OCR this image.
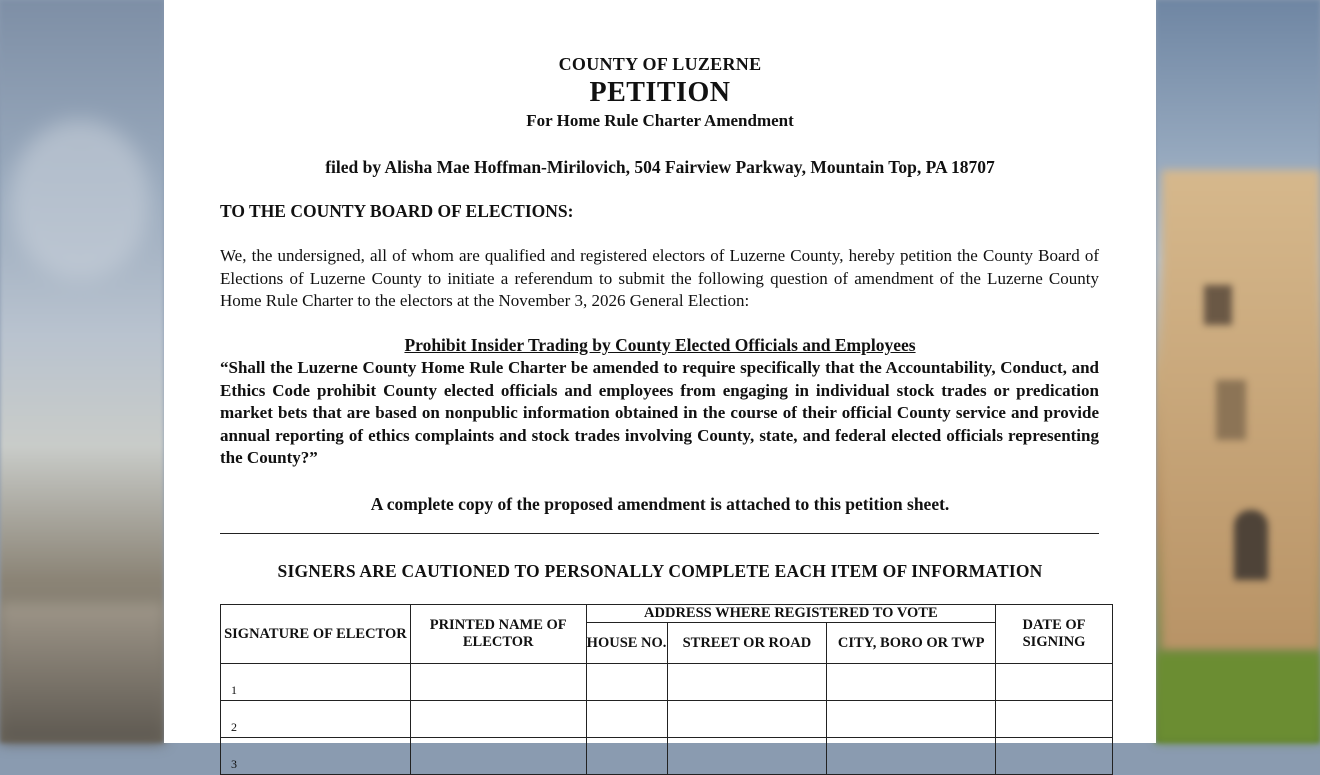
COUNTY OF LUZERNE
PETITION
For Home Rule Charter Amendment
filed by Alisha Mae Hoffman-Mirilovich, 504 Fairview Parkway, Mountain Top, PA 18707
TO THE COUNTY BOARD OF ELECTIONS:
We, the undersigned, all of whom are qualified and registered electors of Luzerne County, hereby petition the County Board of Elections of Luzerne County to initiate a referendum to submit the following question of amendment of the Luzerne County Home Rule Charter to the electors at the November 3, 2026 General Election:
Prohibit Insider Trading by County Elected Officials and Employees
“Shall the Luzerne County Home Rule Charter be amended to require specifically that the Accountability, Conduct, and Ethics Code prohibit County elected officials and employees from engaging in individual stock trades or predication market bets that are based on nonpublic information obtained in the course of their official County service and provide annual reporting of ethics complaints and stock trades involving County, state, and federal elected officials representing the County?”
A complete copy of the proposed amendment is attached to this petition sheet.
SIGNERS ARE CAUTIONED TO PERSONALLY COMPLETE EACH ITEM OF INFORMATION
SIGNATURE OF ELECTOR	PRINTED NAME OF ELECTOR	ADDRESS WHERE REGISTERED TO VOTE			DATE OF SIGNING
		HOUSE NO.	STREET OR ROAD	CITY, BORO OR TWP	
1					
2					
3					
